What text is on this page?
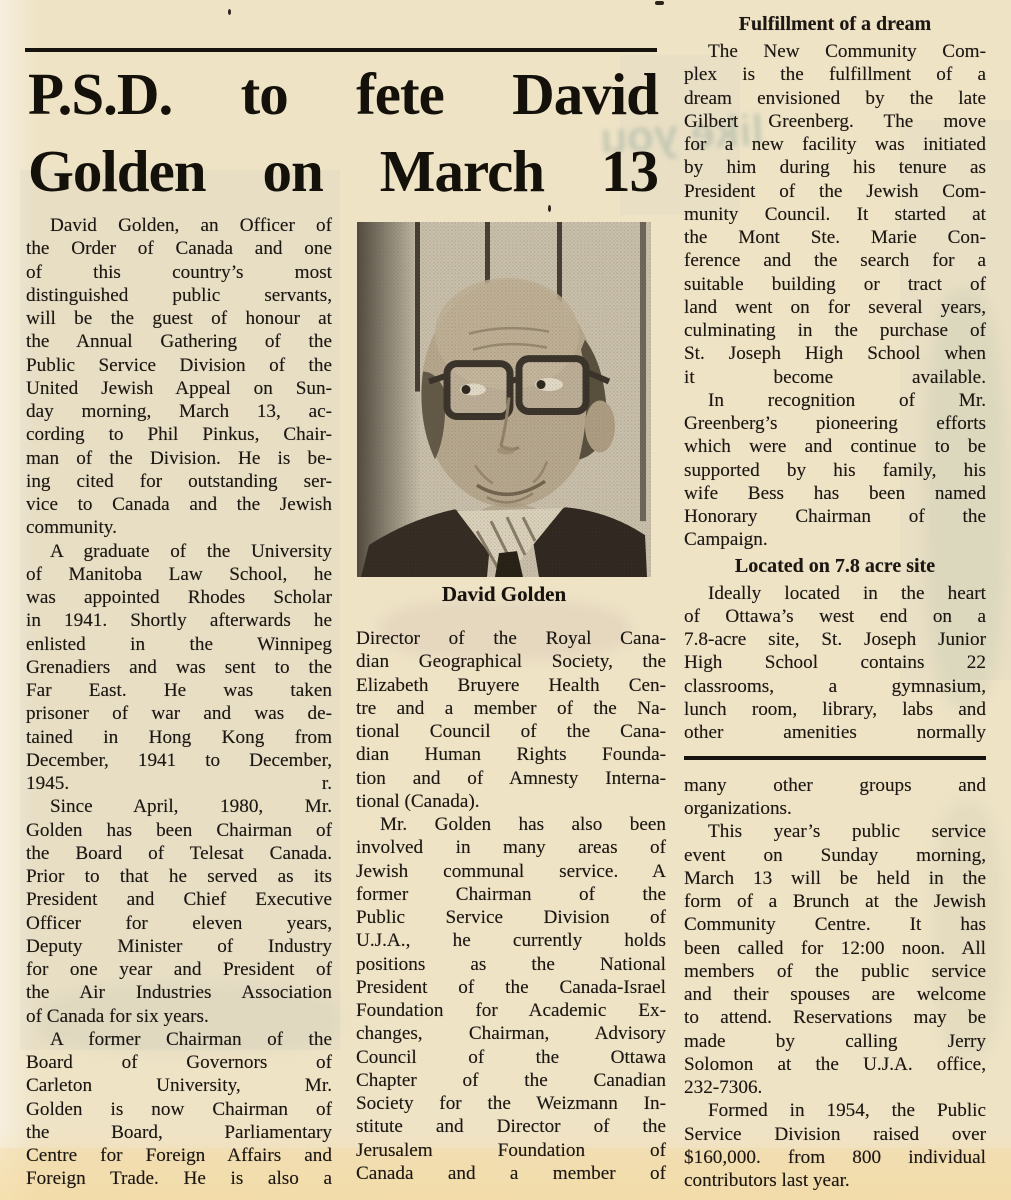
like you
P.S.D. to fete David
Golden on March 13
David Golden, an Officer of
the Order of Canada and one
of this country’s most
distinguished public servants,
will be the guest of honour at
the Annual Gathering of the
Public Service Division of the
United Jewish Appeal on Sun-
day morning, March 13, ac-
cording to Phil Pinkus, Chair-
man of the Division. He is be-
ing cited for outstanding ser-
vice to Canada and the Jewish
community.
A graduate of the University
of Manitoba Law School, he
was appointed Rhodes Scholar
in 1941. Shortly afterwards he
enlisted in the Winnipeg
Grenadiers and was sent to the
Far East. He was taken
prisoner of war and was de-
tained in Hong Kong from
December, 1941 to December,
1945. r.
Since April, 1980, Mr.
Golden has been Chairman of
the Board of Telesat Canada.
Prior to that he served as its
President and Chief Executive
Officer for eleven years,
Deputy Minister of Industry
for one year and President of
the Air Industries Association
of Canada for six years.
A former Chairman of the
Board of Governors of
Carleton University, Mr.
Golden is now Chairman of
the Board, Parliamentary
Centre for Foreign Affairs and
Foreign Trade. He is also a
Director of the Royal Cana-
dian Geographical Society, the
Elizabeth Bruyere Health Cen-
tre and a member of the Na-
tional Council of the Cana-
dian Human Rights Founda-
tion and of Amnesty Interna-
tional (Canada).
Mr. Golden has also been
involved in many areas of
Jewish communal service. A
former Chairman of the
Public Service Division of
U.J.A., he currently holds
positions as the National
President of the Canada-Israel
Foundation for Academic Ex-
changes, Chairman, Advisory
Council of the Ottawa
Chapter of the Canadian
Society for the Weizmann In-
stitute and Director of the
Jerusalem Foundation of
Canada and a member of
Fulfillment of a dream
The New Community Com-
plex is the fulfillment of a
dream envisioned by the late
Gilbert Greenberg. The move
for a new facility was initiated
by him during his tenure as
President of the Jewish Com-
munity Council. It started at
the Mont Ste. Marie Con-
ference and the search for a
suitable building or tract of
land went on for several years,
culminating in the purchase of
St. Joseph High School when
it become available.
In recognition of Mr.
Greenberg’s pioneering efforts
which were and continue to be
supported by his family, his
wife Bess has been named
Honorary Chairman of the
Campaign.
Located on 7.8 acre site
Ideally located in the heart
of Ottawa’s west end on a
7.8-acre site, St. Joseph Junior
High School contains 22
classrooms, a gymnasium,
lunch room, library, labs and
other amenities normally
many other groups and
organizations.
This year’s public service
event on Sunday morning,
March 13 will be held in the
form of a Brunch at the Jewish
Community Centre. It has
been called for 12:00 noon. All
members of the public service
and their spouses are welcome
to attend. Reservations may be
made by calling Jerry
Solomon at the U.J.A. office,
232-7306.
Formed in 1954, the Public
Service Division raised over
$160,000. from 800 individual
contributors last year.
David Golden
